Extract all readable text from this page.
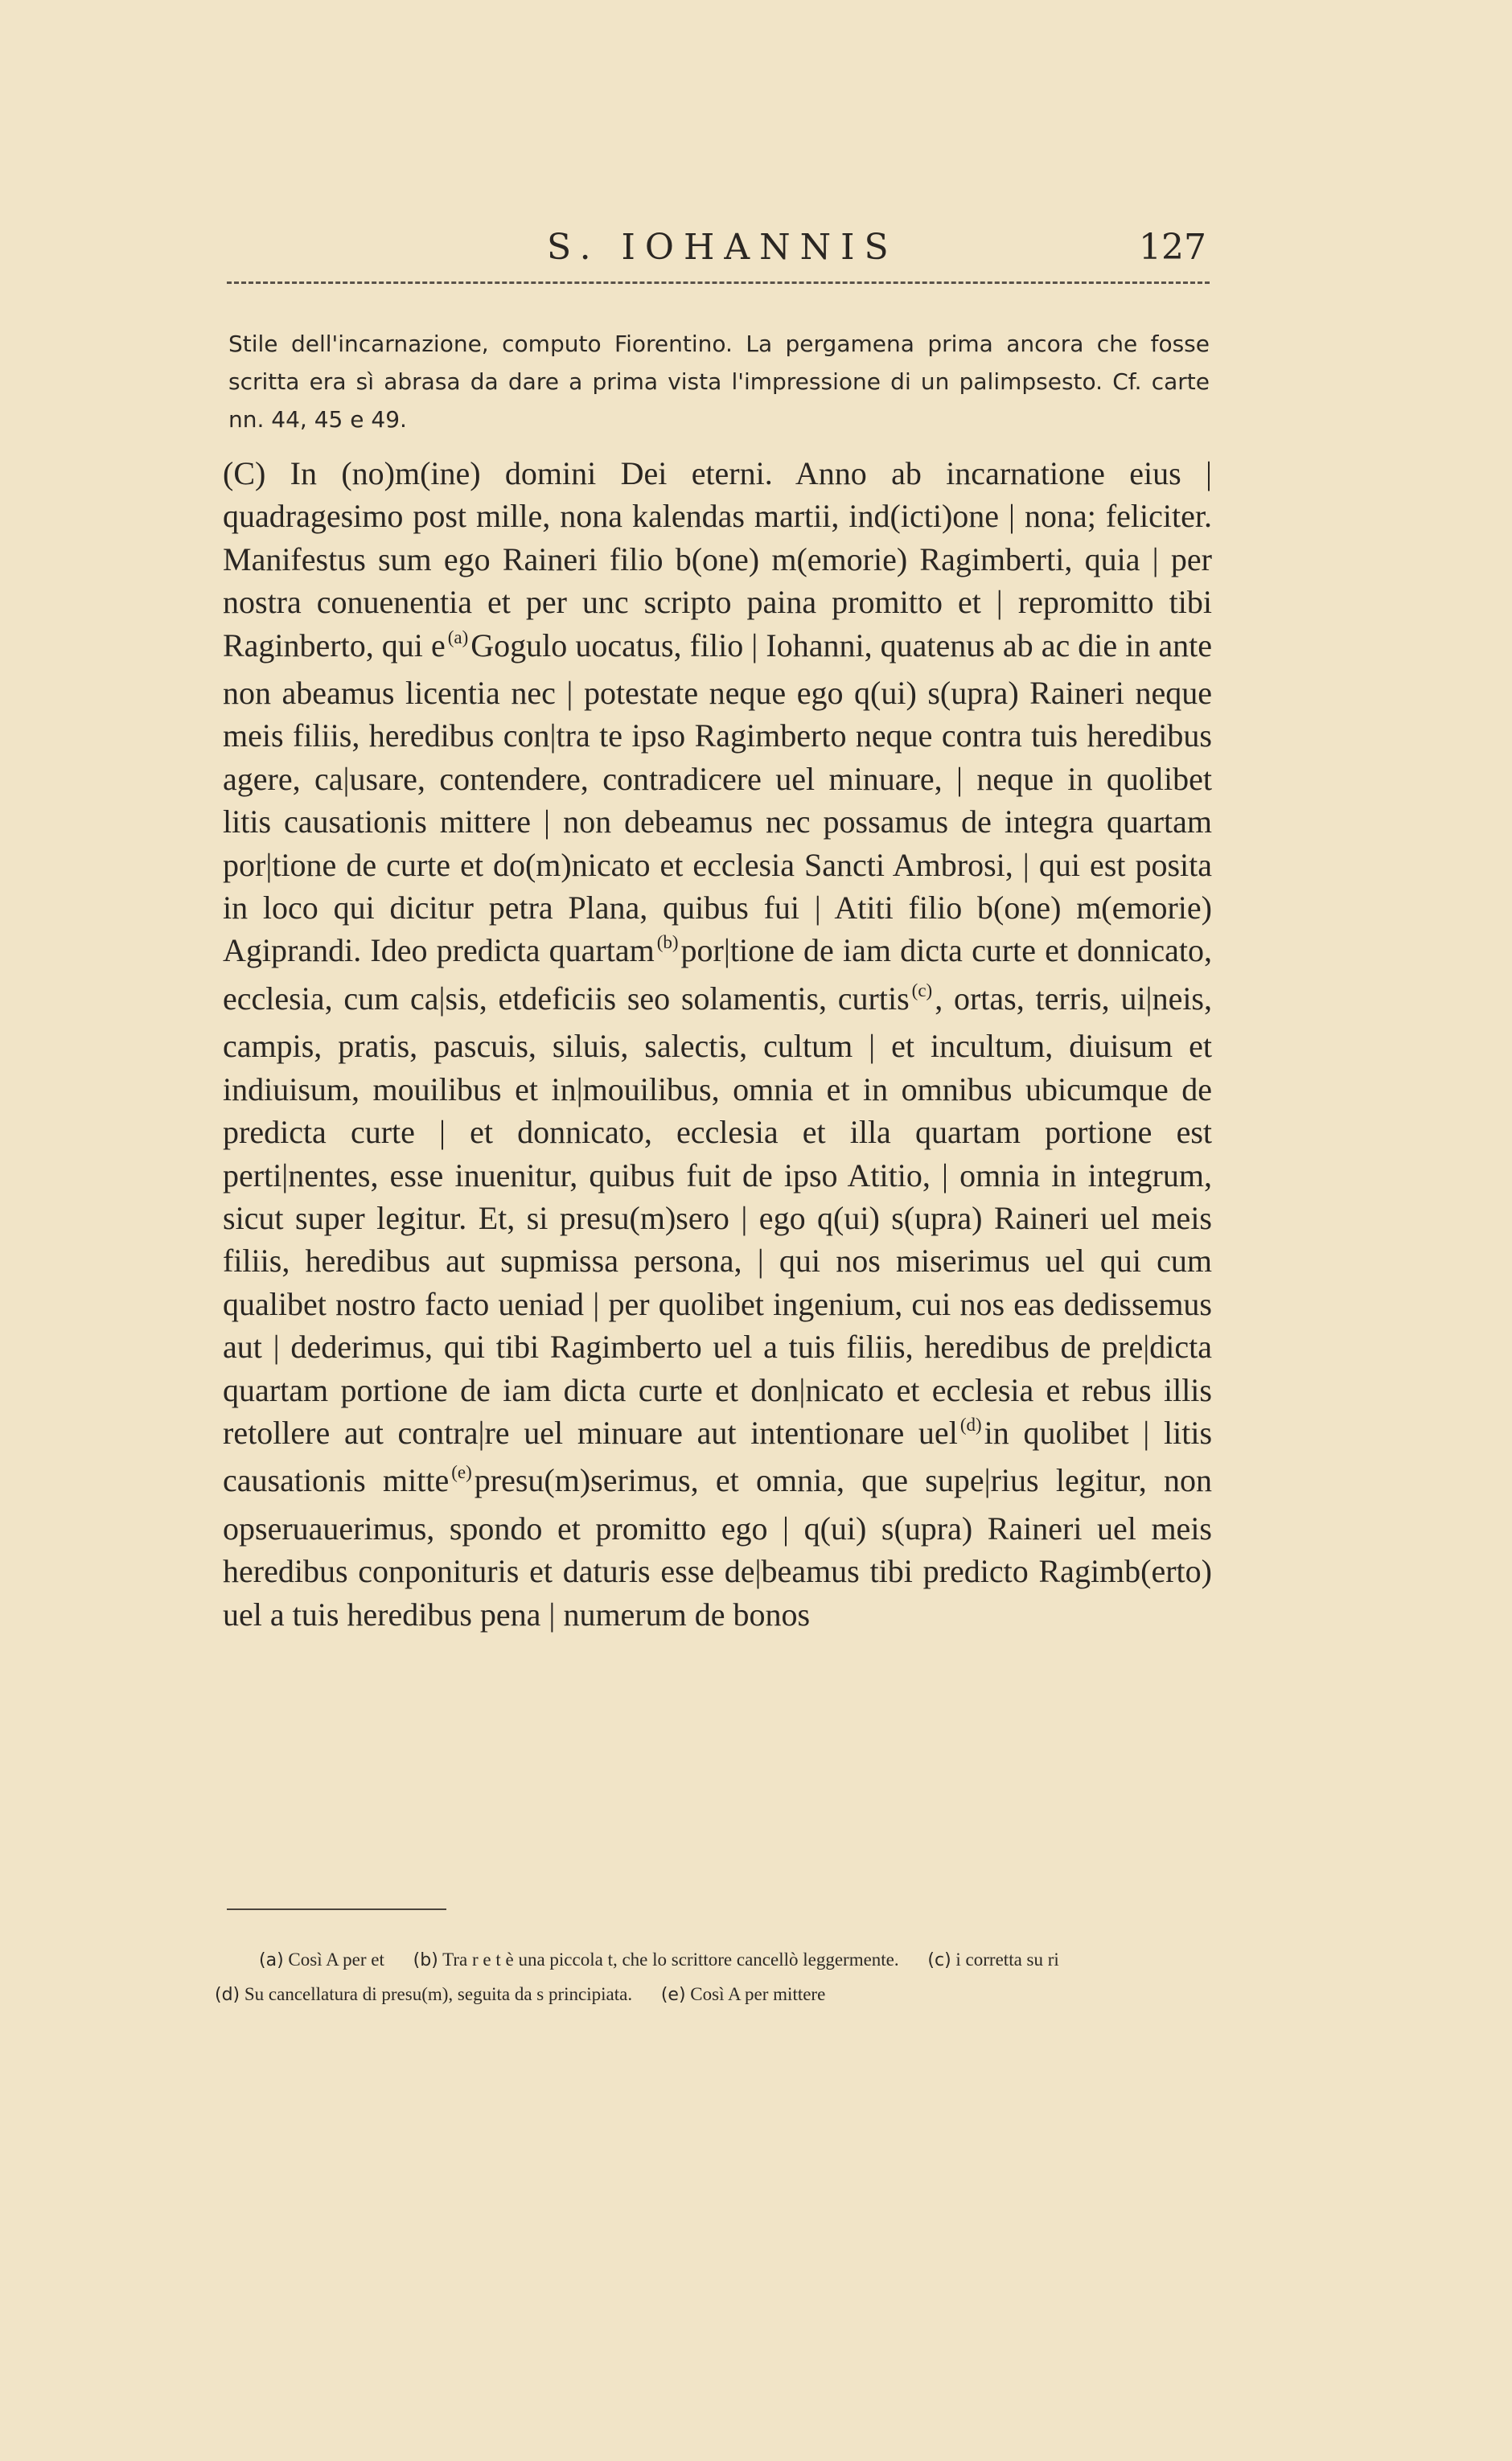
S. IOHANNIS	127

Stile dell'incarnazione, computo Fiorentino. La pergamena prima ancora che fosse scritta era sì abrasa da dare a prima vista l'impressione di un palimpsesto. Cf. carte nn. 44, 45 e 49.

(C) In (no)m(ine) domini Dei eterni. Anno ab incarnatione eius | quadragesimo post mille, nona kalendas martii, ind(icti)one | nona; feliciter. Manifestus sum ego Raineri filio b(one) m(emorie) Ragimberti, quia | per nostra conuenentia et per unc scripto paina promitto et | repromitto tibi Raginberto, qui e $^{(a)}$Gogulo uocatus, filio | Iohanni, quatenus ab ac die in ante non abeamus licentia nec | potestate neque ego q(ui) s(upra) Raineri neque meis filiis, heredibus con|tra te ipso Ragimberto neque contra tuis heredibus agere, ca|usare, contendere, contradicere uel minuare, | neque in quolibet litis causationis mittere | non debeamus nec possamus de integra quartam por|tione de curte et do(m)nicato et ecclesia Sancti Ambrosi, | qui est posita in loco qui dicitur petra Plana, quibus fui | Atiti filio b(one) m(emorie) Agiprandi. Ideo predicta quartam $^{(b)}$por|tione de iam dicta curte et donnicato, ecclesia, cum ca|sis, etdeficiis seo solamentis, curtis $^{(c)}$, ortas, terris, ui|neis, campis, pratis, pascuis, siluis, salectis, cultum | et incultum, diuisum et indiuisum, mouilibus et in|mouilibus, omnia et in omnibus ubicumque de predicta curte | et donnicato, ecclesia et illa quartam portione est perti|nentes, esse inuenitur, quibus fuit de ipso Atitio, | omnia in integrum, sicut super legitur. Et, si presu(m)sero | ego q(ui) s(upra) Raineri uel meis filiis, heredibus aut supmissa persona, | qui nos miserimus uel qui cum qualibet nostro facto ueniad | per quolibet ingenium, cui nos eas dedissemus aut | dederimus, qui tibi Ragimberto uel a tuis filiis, heredibus de pre|dicta quartam portione de iam dicta curte et don|nicato et ecclesia et rebus illis retollere aut contra|re uel minuare aut intentionare uel $^{(d)}$in quolibet | litis causationis mitte $^{(e)}$presu(m)serimus, et omnia, que supe|rius legitur, non opseruauerimus, spondo et promitto ego | q(ui) s(upra) Raineri uel meis heredibus conponituris et daturis esse de|beamus tibi predicto Ragimb(erto) uel a tuis heredibus pena | numerum de bonos

(a) Così A per et (b) Tra r e t è una piccola t, che lo scrittore cancellò leggermente. (c) i corretta su ri
(d) Su cancellatura di presu(m), seguita da s principiata. (e) Così A per mittere
